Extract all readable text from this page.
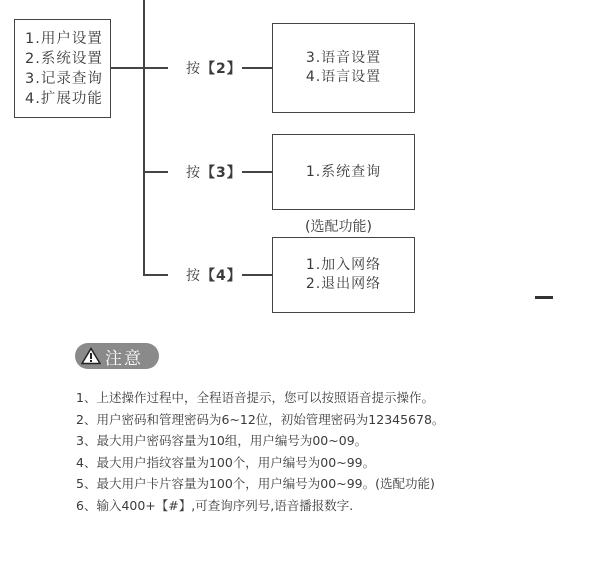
1.用户设置
2.系统设置
3.记录查询
4.扩展功能
按【2】
3.语音设置
4.语言设置
按【3】	1.系统查询
(选配功能)
按【4】
1.加入网络
2.退出网络
注意
1、上述操作过程中，全程语音提示，您可以按照语音提示操作。
2、用户密码和管理密码为6~12位，初始管理密码为12345678。
3、最大用户密码容量为10组，用户编号为00~09。
4、最大用户指纹容量为100个，用户编号为00~99。
5、最大用户卡片容量为100个，用户编号为00~99。(选配功能)
6、输入400+【#】,可查询序列号,语音播报数字.
